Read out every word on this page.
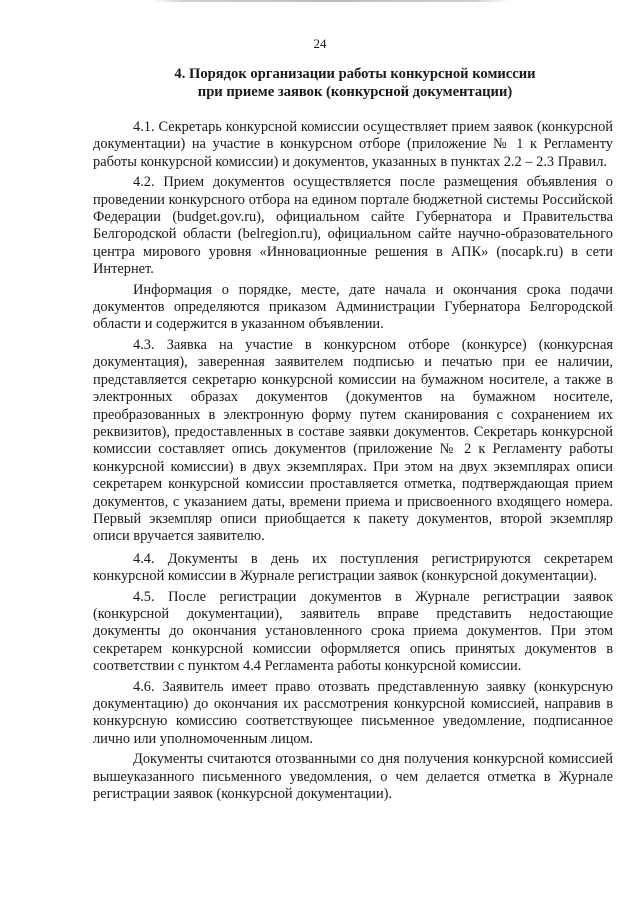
24
4. Порядок организации работы конкурсной комиссии
при приеме заявок (конкурсной документации)

4.1. Секретарь конкурсной комиссии осуществляет прием заявок (конкурсной документации) на участие в конкурсном отборе (приложение № 1 к Регламенту работы конкурсной комиссии) и документов, указанных в пунктах 2.2 – 2.3 Правил.

4.2. Прием документов осуществляется после размещения объявления о проведении конкурсного отбора на едином портале бюджетной системы Российской Федерации (budget.gov.ru), официальном сайте Губернатора и Правительства Белгородской области (belregion.ru), официальном сайте научно-образовательного центра мирового уровня «Инновационные решения в АПК» (nocapk.ru) в сети Интернет.

Информация о порядке, месте, дате начала и окончания срока подачи документов определяются приказом Администрации Губернатора Белгородской области и содержится в указанном объявлении.

4.3. Заявка на участие в конкурсном отборе (конкурсе) (конкурсная документация), заверенная заявителем подписью и печатью при ее наличии, представляется секретарю конкурсной комиссии на бумажном носителе, а также в электронных образах документов (документов на бумажном носителе, преобразованных в электронную форму путем сканирования с сохранением их реквизитов), предоставленных в составе заявки документов. Секретарь конкурсной комиссии составляет опись документов (приложение № 2 к Регламенту работы конкурсной комиссии) в двух экземплярах. При этом на двух экземплярах описи секретарем конкурсной комиссии проставляется отметка, подтверждающая прием документов, с указанием даты, времени приема и присвоенного входящего номера. Первый экземпляр описи приобщается к пакету документов, второй экземпляр описи вручается заявителю.

4.4. Документы в день их поступления регистрируются секретарем конкурсной комиссии в Журнале регистрации заявок (конкурсной документации).

4.5. После регистрации документов в Журнале регистрации заявок (конкурсной документации), заявитель вправе представить недостающие документы до окончания установленного срока приема документов. При этом секретарем конкурсной комиссии оформляется опись принятых документов в соответствии с пунктом 4.4 Регламента работы конкурсной комиссии.

4.6. Заявитель имеет право отозвать представленную заявку (конкурсную документацию) до окончания их рассмотрения конкурсной комиссией, направив в конкурсную комиссию соответствующее письменное уведомление, подписанное лично или уполномоченным лицом.

Документы считаются отозванными со дня получения конкурсной комиссией вышеуказанного письменного уведомления, о чем делается отметка в Журнале регистрации заявок (конкурсной документации).
